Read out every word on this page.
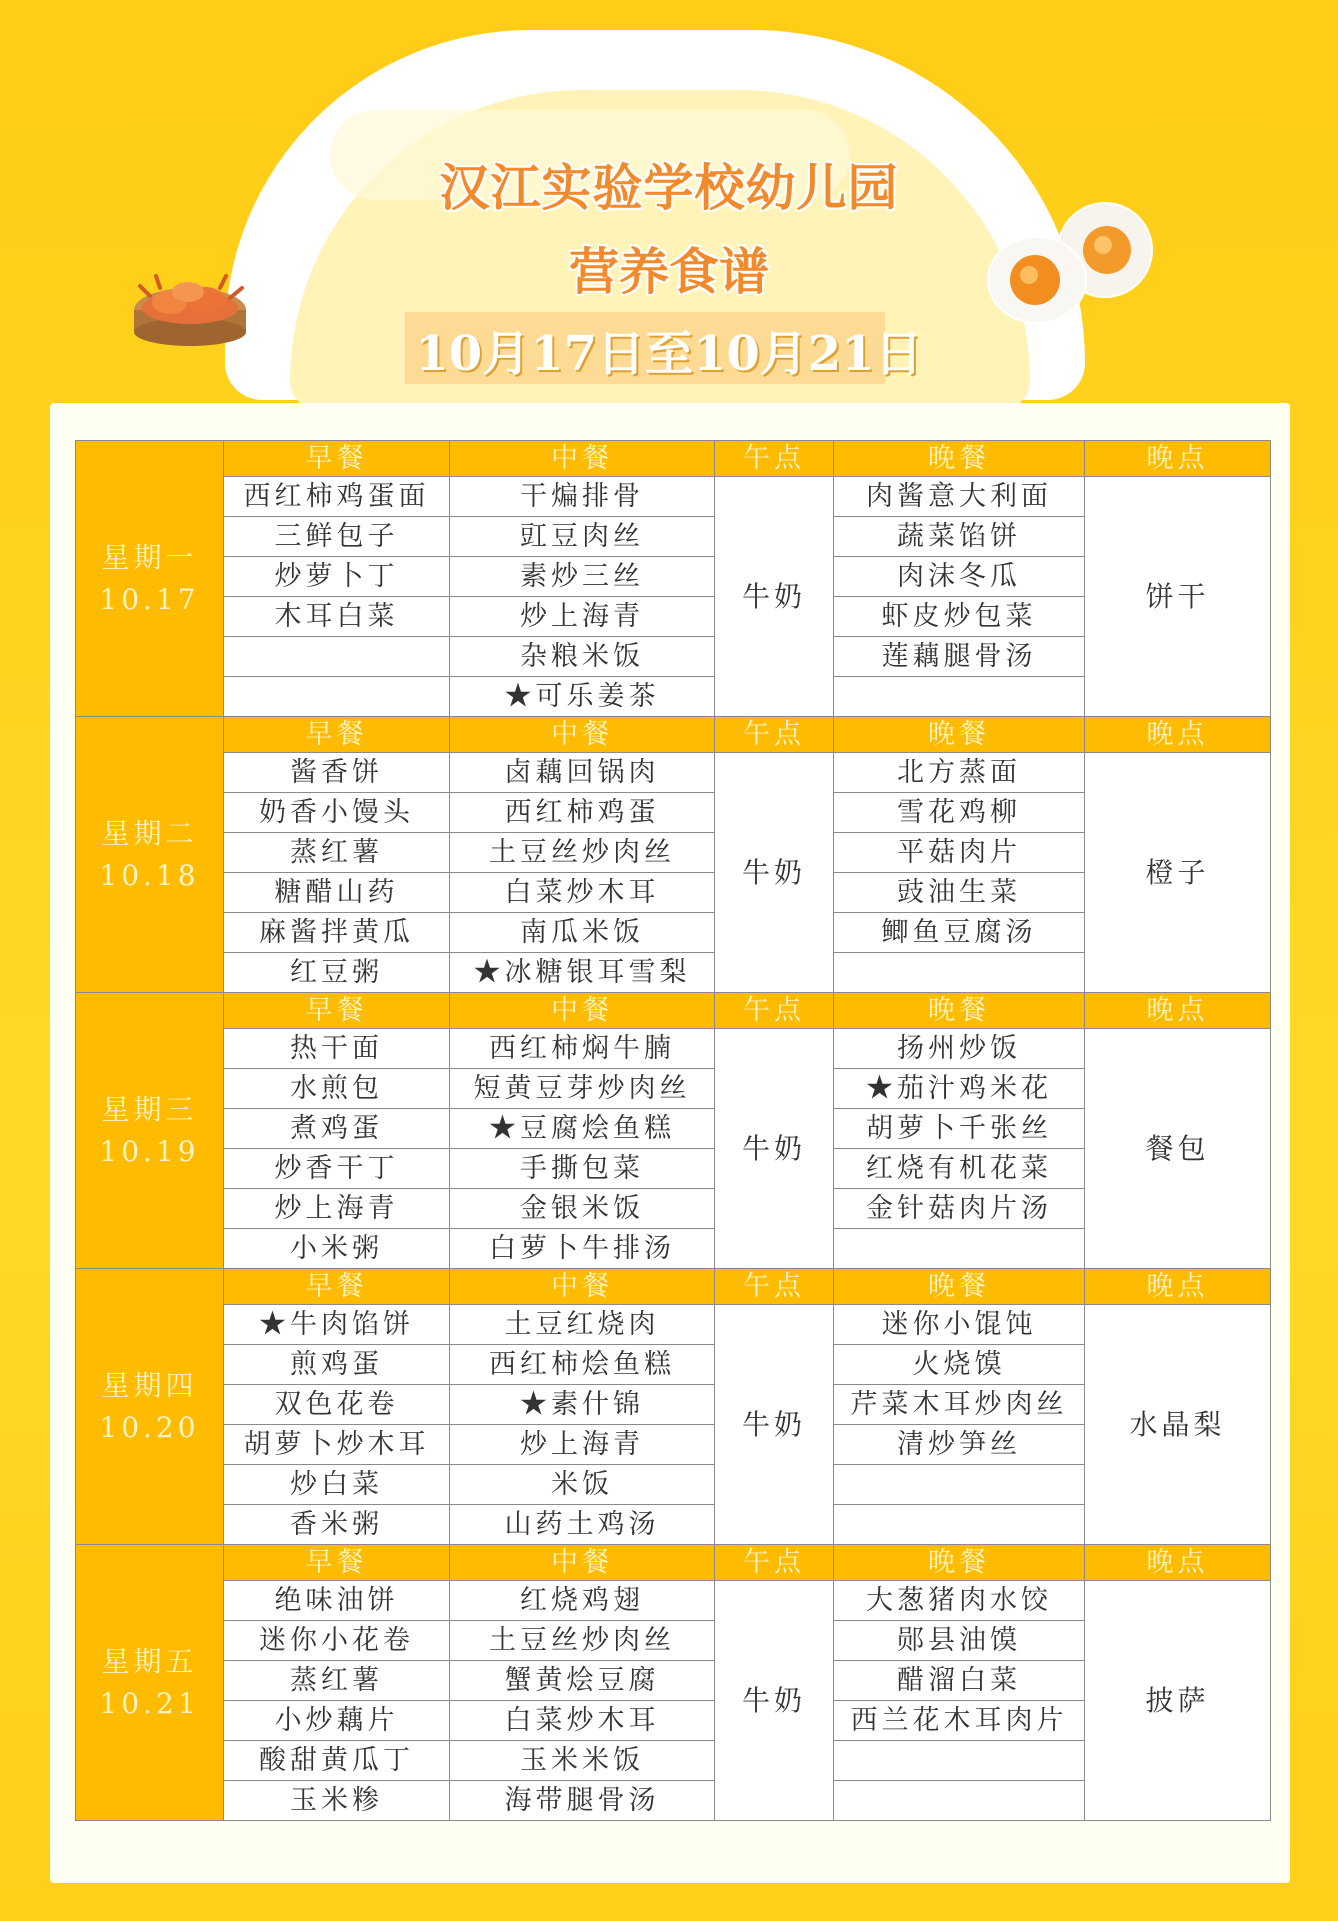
汉江实验学校幼儿园
营养食谱
10月17日至10月21日
星期一
10.17	早餐	中餐	午点	晚餐	晚点
	西红柿鸡蛋面	干煸排骨	牛奶	肉酱意大利面	饼干
	三鲜包子	豇豆肉丝		蔬菜馅饼	
	炒萝卜丁	素炒三丝		肉沫冬瓜	
	木耳白菜	炒上海青		虾皮炒包菜	
		杂粮米饭		莲藕腿骨汤	
		★可乐姜茶			

星期二
10.18	早餐	中餐	午点	晚餐	晚点
	酱香饼	卤藕回锅肉	牛奶	北方蒸面	橙子
	奶香小馒头	西红柿鸡蛋		雪花鸡柳	
	蒸红薯	土豆丝炒肉丝		平菇肉片	
	糖醋山药	白菜炒木耳		豉油生菜	
	麻酱拌黄瓜	南瓜米饭		鲫鱼豆腐汤	
	红豆粥	★冰糖银耳雪梨			

星期三
10.19	早餐	中餐	午点	晚餐	晚点
	热干面	西红柿焖牛腩	牛奶	扬州炒饭	餐包
	水煎包	短黄豆芽炒肉丝		★茄汁鸡米花	
	煮鸡蛋	★豆腐烩鱼糕		胡萝卜千张丝	
	炒香干丁	手撕包菜		红烧有机花菜	
	炒上海青	金银米饭		金针菇肉片汤	
	小米粥	白萝卜牛排汤			

星期四
10.20	早餐	中餐	午点	晚餐	晚点
	★牛肉馅饼	土豆红烧肉	牛奶	迷你小馄饨	水晶梨
	煎鸡蛋	西红柿烩鱼糕		火烧馍	
	双色花卷	★素什锦		芹菜木耳炒肉丝	
	胡萝卜炒木耳	炒上海青		清炒笋丝	
	炒白菜	米饭			
	香米粥	山药土鸡汤			

星期五
10.21	早餐	中餐	午点	晚餐	晚点
	绝味油饼	红烧鸡翅	牛奶	大葱猪肉水饺	披萨
	迷你小花卷	土豆丝炒肉丝		郧县油馍	
	蒸红薯	蟹黄烩豆腐		醋溜白菜	
	小炒藕片	白菜炒木耳		西兰花木耳肉片	
	酸甜黄瓜丁	玉米米饭			
	玉米糁	海带腿骨汤			
